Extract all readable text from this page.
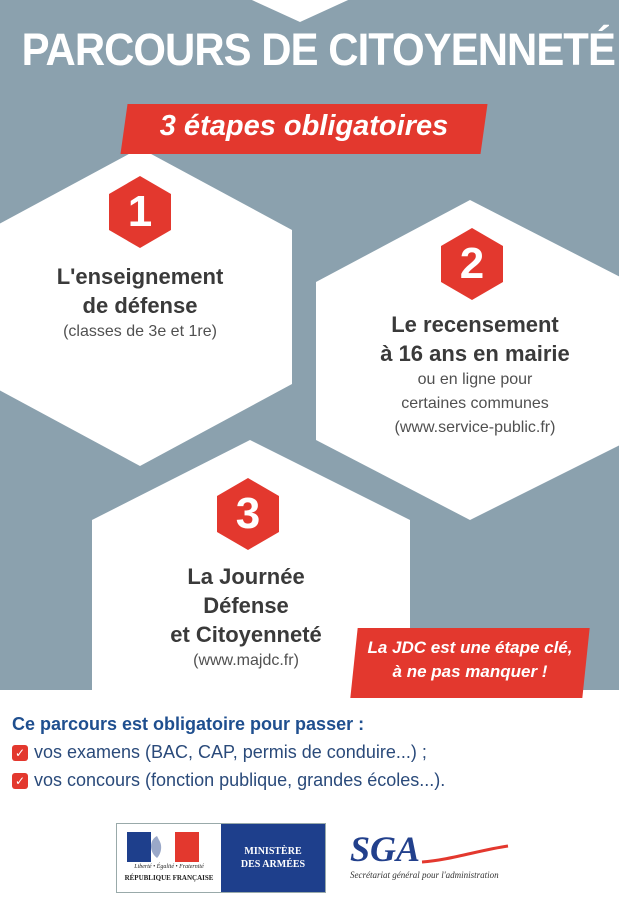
PARCOURS DE CITOYENNETÉ
3 étapes obligatoires
1
L'enseignement
de défense
(classes de 3e et 1re)
2
Le recensement
à 16 ans en mairie
ou en ligne pour
certaines communes
(www.service-public.fr)
3
La Journée
Défense
et Citoyenneté
(www.majdc.fr)
La JDC est une étape clé,
à ne pas manquer !
Ce parcours est obligatoire pour passer :
✓ vos examens (BAC, CAP, permis de conduire...) ;
✓ vos concours (fonction publique, grandes écoles...).
Liberté • Égalité • Fraternité
RÉPUBLIQUE FRANÇAISE
MINISTÈRE
DES ARMÉES	SGA
Secrétariat général pour l'administration
